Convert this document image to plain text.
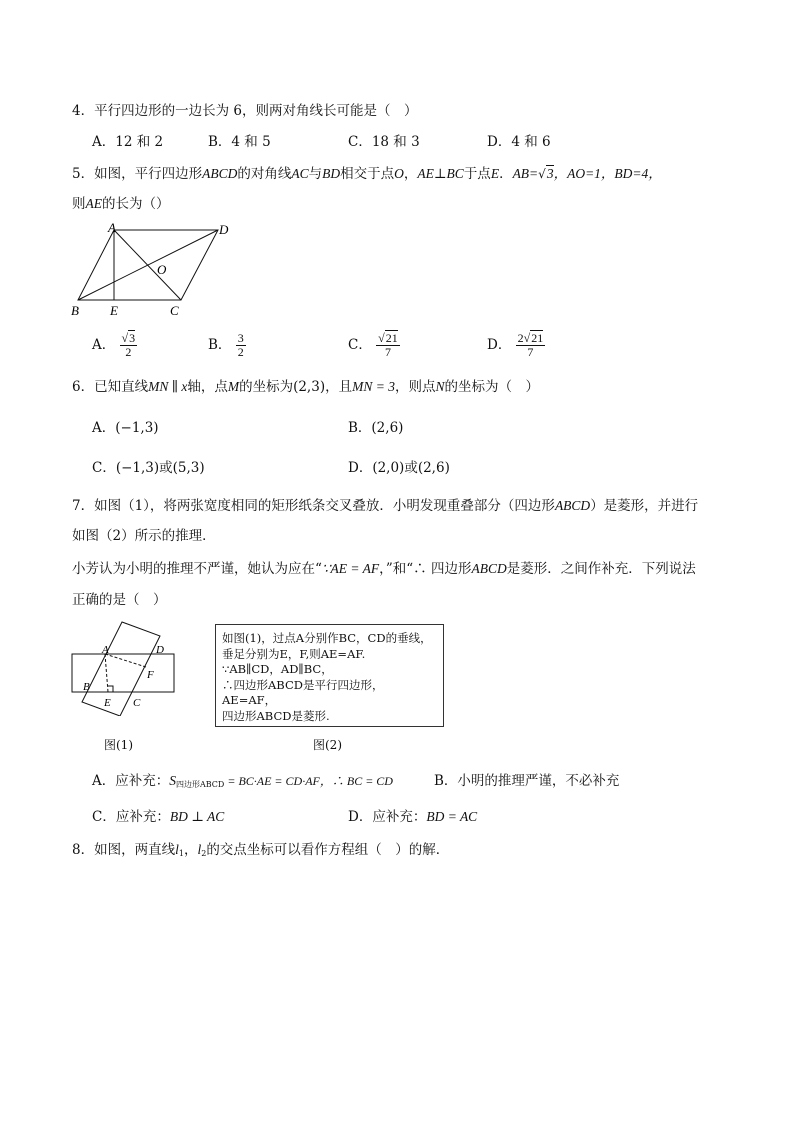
4．平行四边形的一边长为 6，则两对角线长可能是（　）
A．12 和 2	B．4 和 5	C．18 和 3	D．4 和 6
5．如图，平行四边形ABCD的对角线AC与BD相交于点O，AE⊥BC于点E．AB=√3，AO=1，BD=4，
则AE的长为（）
A	D
O
B E	C
A． $\frac{√3}{2}$	B． $\frac{3}{2}$	C． $\frac{√21}{7}$	D． $\frac{2√21}{7}$
6．已知直线MN ∥ x轴，点M的坐标为(2,3)，且MN = 3，则点N的坐标为（　）
A．(−1,3)	B．(2,6)
C．(−1,3)或(5,3)	D．(2,0)或(2,6)
7．如图（1），将两张宽度相同的矩形纸条交叉叠放．小明发现重叠部分（四边形ABCD）是菱形，并进行
如图（2）所示的推理．
小芳认为小明的推理不严谨，她认为应在“∵AE = AF，”和“∴ 四边形ABCD是菱形．之间作补充．下列说法
正确的是（　）
A	D
F
B
E C
图(1)
如图(1)，过点A分别作BC，CD的垂线，
垂足分别为E，F,则AE=AF.
∵AB∥CD，AD∥BC，
∴四边形ABCD是平行四边形，
AE=AF，
四边形ABCD是菱形.
图(2)
A．应补充：$S_{四边形ABCD} = BC\cdot AE = CD\cdot AF$，∴ BC = CD	B．小明的推理严谨，不必补充
C．应补充：BD ⊥ AC	D．应补充：BD = AC
8．如图，两直线$l_1$，$l_2$的交点坐标可以看作方程组（　）的解．
